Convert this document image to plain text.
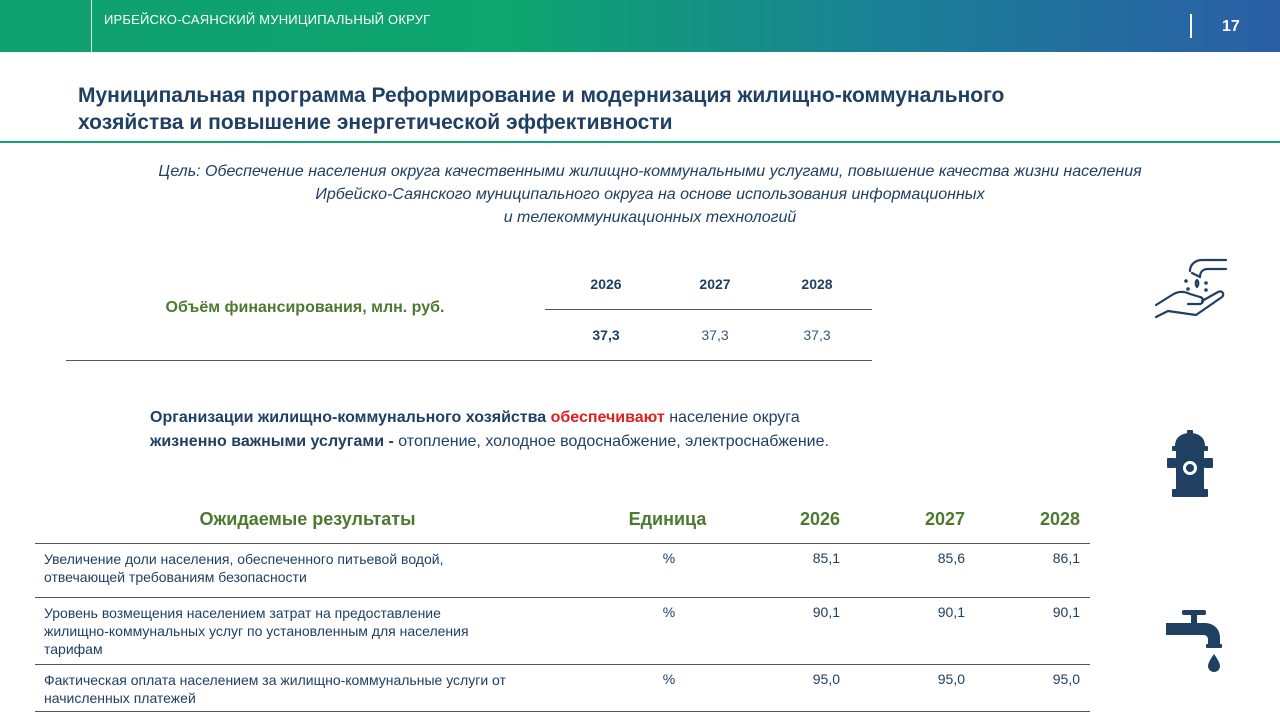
ИРБЕЙСКО-САЯНСКИЙ МУНИЦИПАЛЬНЫЙ ОКРУГ	17
Муниципальная программа Реформирование и модернизация жилищно-коммунального
хозяйства и повышение энергетической эффективности
Цель: Обеспечение населения округа качественными жилищно-коммунальными услугами, повышение качества жизни населения
Ирбейско-Саянского муниципального округа на основе использования информационных
и телекоммуникационных технологий
Объём финансирования, млн. руб.
2026	2027	2028
37,3	37,3	37,3
Организации жилищно-коммунального хозяйства обеспечивают население округа
жизненно важными услугами - отопление, холодное водоснабжение, электроснабжение.
Ожидаемые результаты	Единица	2026	2027	2028
Увеличение доли населения, обеспеченного питьевой водой,
отвечающей требованиям безопасности
%	85,1	85,6	86,1
Уровень возмещения населением затрат на предоставление
жилищно-коммунальных услуг по установленным для населения
тарифам
%	90,1	90,1	90,1
Фактическая оплата населением за жилищно-коммунальные услуги от
начисленных платежей
%	95,0	95,0	95,0
